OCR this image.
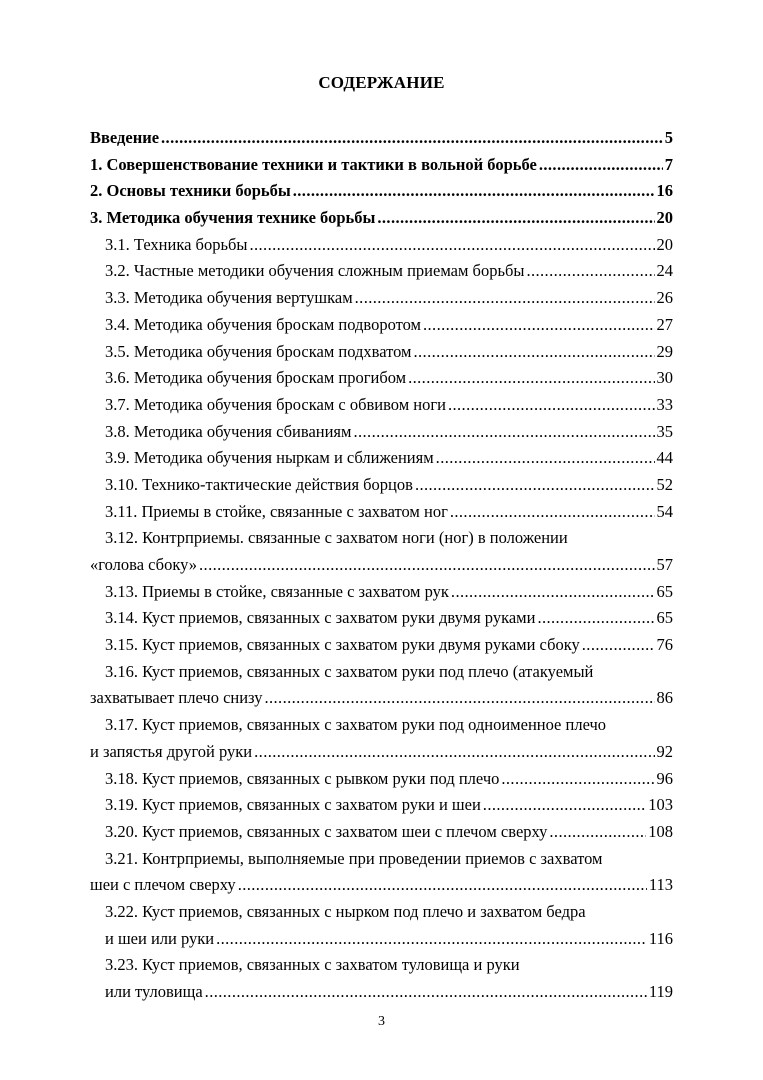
СОДЕРЖАНИЕ
Введение .....	5
1. Совершенствование техники и тактики в вольной борьбе .....	7
2. Основы техники борьбы .....	16
3. Методика обучения технике борьбы .....	20
3.1. Техника борьбы .....	20
3.2. Частные методики обучения сложным приемам борьбы .....	24
3.3. Методика обучения вертушкам .....	26
3.4. Методика обучения броскам подворотом .....	27
3.5. Методика обучения броскам подхватом .....	29
3.6. Методика обучения броскам прогибом .....	30
3.7. Методика обучения броскам с обвивом ноги .....	33
3.8. Методика обучения сбиваниям .....	35
3.9. Методика обучения ныркам и сближениям .....	44
3.10. Технико-тактические действия борцов .....	52
3.11. Приемы в стойке, связанные с захватом ног .....	54
3.12. Контрприемы. связанные с захватом ноги (ног) в положении
«голова сбоку» .....	57
3.13. Приемы в стойке, связанные с захватом рук .....	65
3.14. Куст приемов, связанных с захватом руки двумя руками .....	65
3.15. Куст приемов, связанных с захватом руки двумя руками сбоку .....	76
3.16. Куст приемов, связанных с захватом руки под плечо (атакуемый
захватывает плечо снизу .....	86
3.17. Куст приемов, связанных с захватом руки под одноименное плечо
и запястья другой руки .....	92
3.18. Куст приемов, связанных с рывком руки под плечо .....	96
3.19. Куст приемов, связанных с захватом руки и шеи .....	103
3.20. Куст приемов, связанных с захватом шеи с плечом сверху .....	108
3.21. Контрприемы, выполняемые при проведении приемов с захватом
шеи с плечом сверху .....	113
3.22. Куст приемов, связанных с нырком под плечо и захватом бедра
и шеи или руки .....	116
3.23. Куст приемов, связанных с захватом туловища и руки
или туловища .....	119
3
